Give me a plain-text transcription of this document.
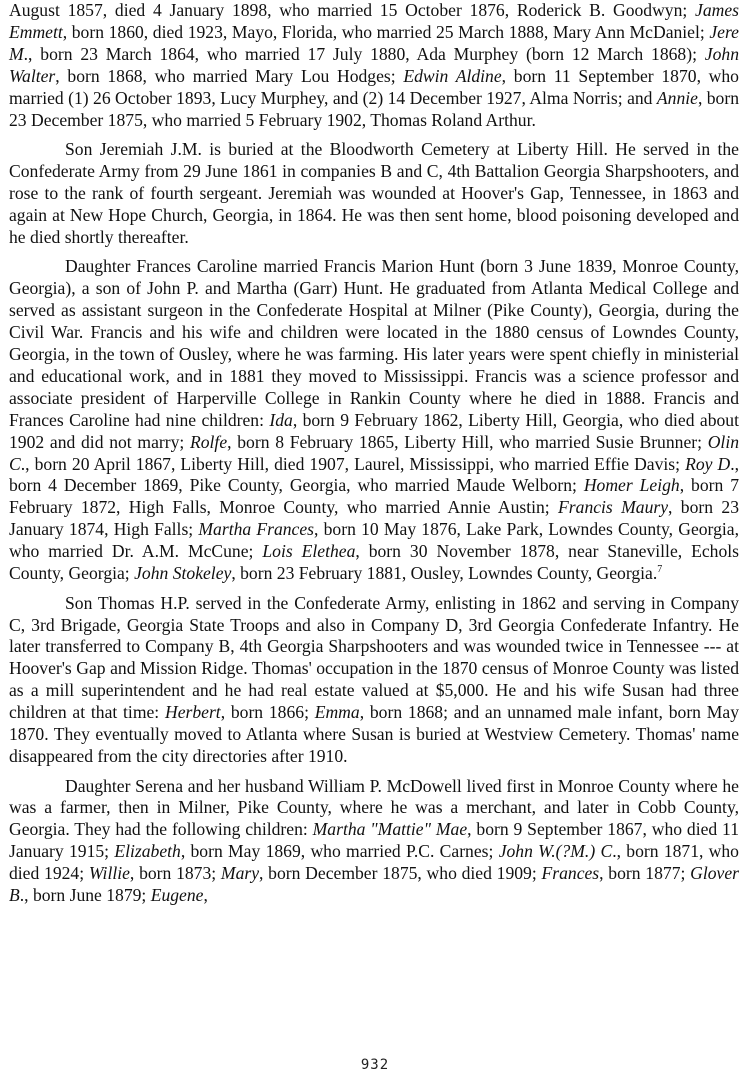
August 1857, died 4 January 1898, who married 15 October 1876, Roderick B. Goodwyn; James Emmett, born 1860, died 1923, Mayo, Florida, who married 25 March 1888, Mary Ann McDaniel; Jere M., born 23 March 1864, who married 17 July 1880, Ada Murphey (born 12 March 1868); John Walter, born 1868, who married Mary Lou Hodges; Edwin Aldine, born 11 September 1870, who married (1) 26 October 1893, Lucy Murphey, and (2) 14 December 1927, Alma Norris; and Annie, born 23 December 1875, who married 5 February 1902, Thomas Roland Arthur.

Son Jeremiah J.M. is buried at the Bloodworth Cemetery at Liberty Hill. He served in the Confederate Army from 29 June 1861 in companies B and C, 4th Battalion Georgia Sharpshooters, and rose to the rank of fourth sergeant. Jeremiah was wounded at Hoover's Gap, Tennessee, in 1863 and again at New Hope Church, Georgia, in 1864. He was then sent home, blood poisoning developed and he died shortly thereafter.

Daughter Frances Caroline married Francis Marion Hunt (born 3 June 1839, Monroe County, Georgia), a son of John P. and Martha (Garr) Hunt. He graduated from Atlanta Medical College and served as assistant surgeon in the Confederate Hospital at Milner (Pike County), Georgia, during the Civil War. Francis and his wife and children were located in the 1880 census of Lowndes County, Georgia, in the town of Ousley, where he was farming. His later years were spent chiefly in ministerial and educational work, and in 1881 they moved to Mississippi. Francis was a science professor and associate president of Harperville College in Rankin County where he died in 1888. Francis and Frances Caroline had nine children: Ida, born 9 February 1862, Liberty Hill, Georgia, who died about 1902 and did not marry; Rolfe, born 8 February 1865, Liberty Hill, who married Susie Brunner; Olin C., born 20 April 1867, Liberty Hill, died 1907, Laurel, Mississippi, who married Effie Davis; Roy D., born 4 December 1869, Pike County, Georgia, who married Maude Welborn; Homer Leigh, born 7 February 1872, High Falls, Monroe County, who married Annie Austin; Francis Maury, born 23 January 1874, High Falls; Martha Frances, born 10 May 1876, Lake Park, Lowndes County, Georgia, who married Dr. A.M. McCune; Lois Elethea, born 30 November 1878, near Staneville, Echols County, Georgia; John Stokeley, born 23 February 1881, Ousley, Lowndes County, Georgia.$^7$

Son Thomas H.P. served in the Confederate Army, enlisting in 1862 and serving in Company C, 3rd Brigade, Georgia State Troops and also in Company D, 3rd Georgia Confederate Infantry. He later transferred to Company B, 4th Georgia Sharpshooters and was wounded twice in Tennessee --- at Hoover's Gap and Mission Ridge. Thomas' occupation in the 1870 census of Monroe County was listed as a mill superintendent and he had real estate valued at $5,000. He and his wife Susan had three children at that time: Herbert, born 1866; Emma, born 1868; and an unnamed male infant, born May 1870. They eventually moved to Atlanta where Susan is buried at Westview Cemetery. Thomas' name disappeared from the city directories after 1910.

Daughter Serena and her husband William P. McDowell lived first in Monroe County where he was a farmer, then in Milner, Pike County, where he was a merchant, and later in Cobb County, Georgia. They had the following children: Martha "Mattie" Mae, born 9 September 1867, who died 11 January 1915; Elizabeth, born May 1869, who married P.C. Carnes; John W.(?M.) C., born 1871, who died 1924; Willie, born 1873; Mary, born December 1875, who died 1909; Frances, born 1877; Glover B., born June 1879; Eugene,

932
